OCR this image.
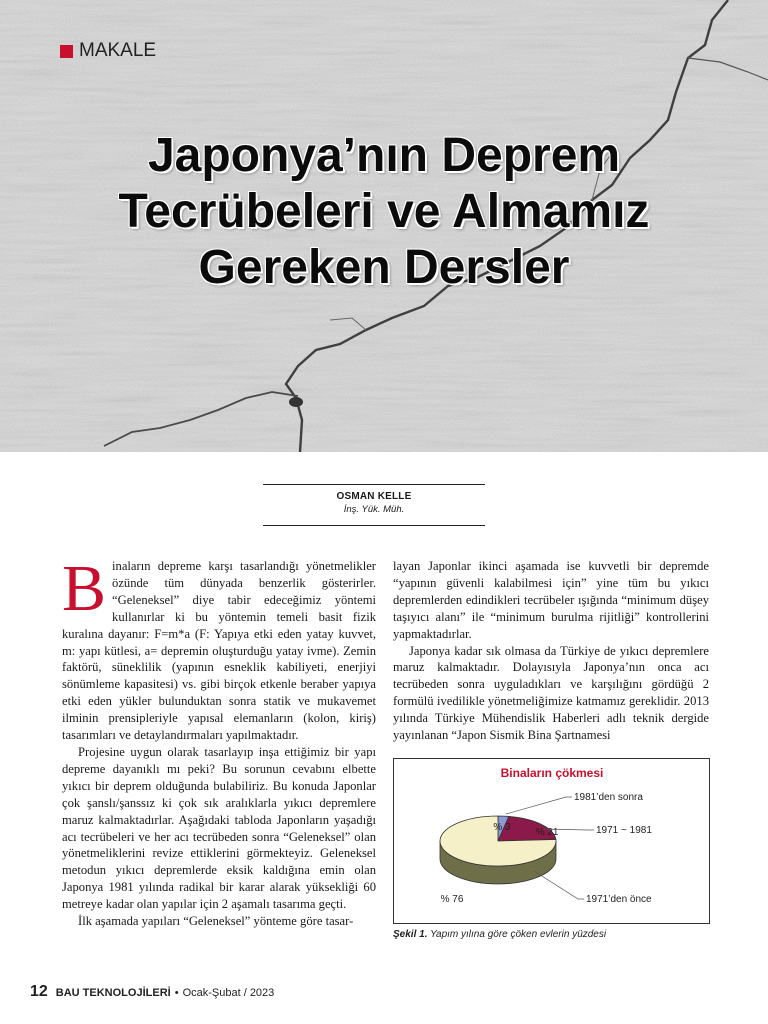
MAKALE
Japonya’nın Deprem
Tecrübeleri ve Almamız
Gereken Dersler
OSMAN KELLE
İnş. Yük. Müh.

Binaların depreme karşı tasarlandığı yönetmelikler özünde tüm dünyada benzerlik gösterirler. “Geleneksel” diye tabir edeceğimiz yöntemi kullanırlar ki bu yöntemin temeli basit fizik kuralına dayanır: F=m*a (F: Yapıya etki eden yatay kuvvet, m: yapı kütlesi, a= depremin oluşturduğu yatay ivme). Zemin faktörü, süneklilik (yapının esneklik kabiliyeti, enerjiyi sönümleme kapasitesi) vs. gibi birçok etkenle beraber yapıya etki eden yükler bulunduktan sonra statik ve mukavemet ilminin prensipleriyle yapısal elemanların (kolon, kiriş) tasarımları ve detaylandırmaları yapılmaktadır.

Projesine uygun olarak tasarlayıp inşa ettiğimiz bir yapı depreme dayanıklı mı peki? Bu sorunun cevabını elbette yıkıcı bir deprem olduğunda bulabiliriz. Bu konuda Japonlar çok şanslı/şanssız ki çok sık aralıklarla yıkıcı depremlere maruz kalmaktadırlar. Aşağıdaki tabloda Japonların yaşadığı acı tecrübeleri ve her acı tecrübeden sonra “Geleneksel” olan yönetmeliklerini revize ettiklerini görmekteyiz. Geleneksel metodun yıkıcı depremlerde eksik kaldığına emin olan Japonya 1981 yılında radikal bir karar alarak yüksekliği 60 metreye kadar olan yapılar için 2 aşamalı tasarıma geçti.

İlk aşamada yapıları “Geleneksel” yönteme göre tasar-

layan Japonlar ikinci aşamada ise kuvvetli bir depremde “yapının güvenli kalabilmesi için” yine tüm bu yıkıcı depremlerden edindikleri tecrübeler ışığında “minimum düşey taşıyıcı alanı” ile “minimum burulma rijitliği” kontrollerini yapmaktadırlar.

Japonya kadar sık olmasa da Türkiye de yıkıcı depremlere maruz kalmaktadır. Dolayısıyla Japonya’nın onca acı tecrübeden sonra uyguladıkları ve karşılığını gördüğü 2 formülü ivedilikle yönetmeliğimize katmamız gereklidir. 2013 yılında Türkiye Mühendislik Haberleri adlı teknik dergide yayınlanan “Japon Sismik Bina Şartnamesi

Binaların çökmesi
% 3
1981’den sonra
% 21	1971 ~ 1981
% 76	1971’den önce
Şekil 1. Yapım yılına göre çöken evlerin yüzdesi
12 BAU TEKNOLOJİLERİ • Ocak-Şubat / 2023
